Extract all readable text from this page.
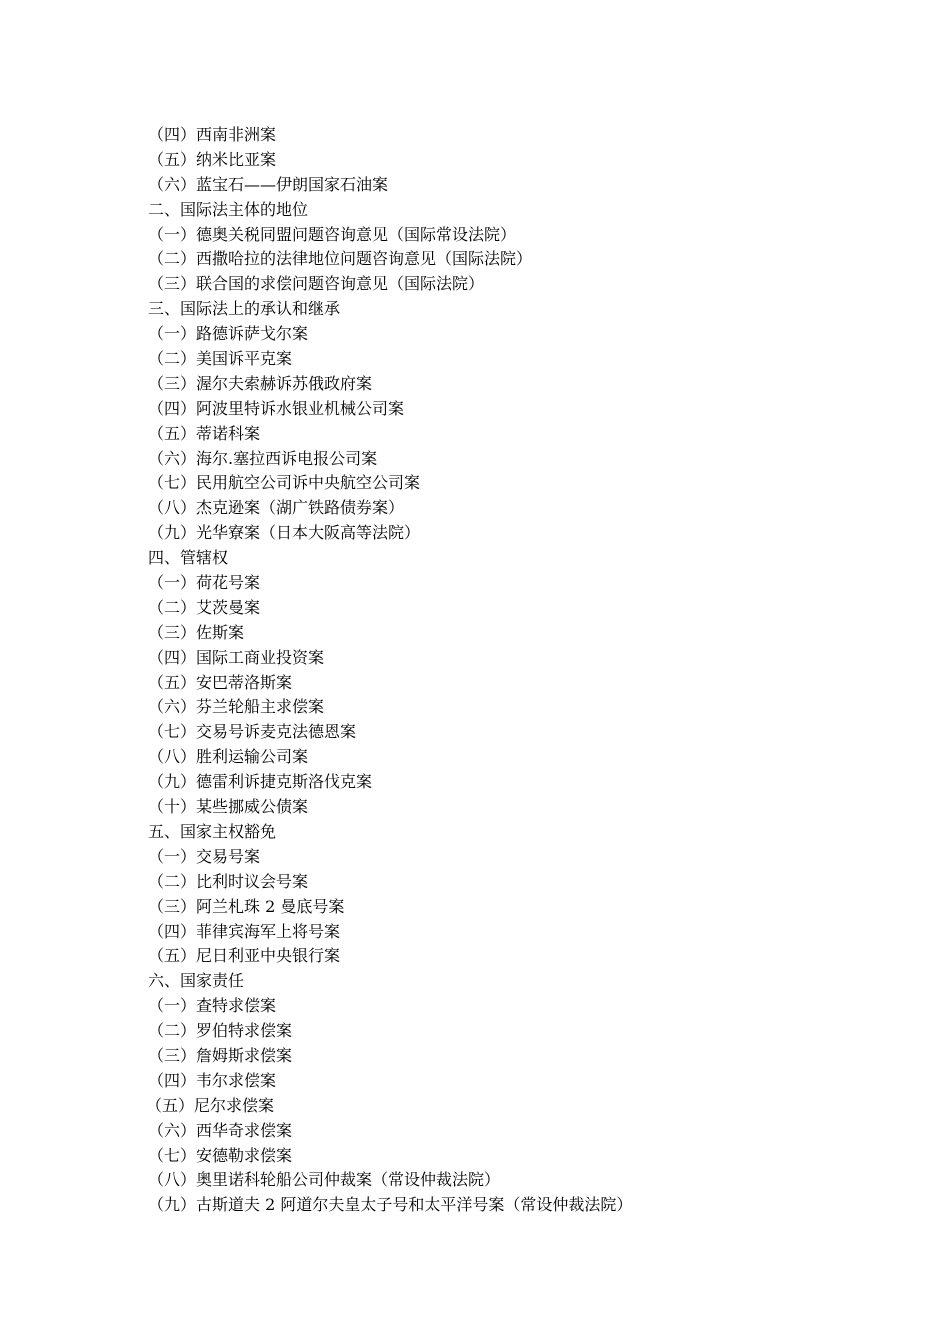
（四）西南非洲案
（五）纳米比亚案
（六）蓝宝石——伊朗国家石油案
二、国际法主体的地位
（一）德奥关税同盟问题咨询意见（国际常设法院）
（二）西撒哈拉的法律地位问题咨询意见（国际法院）
（三）联合国的求偿问题咨询意见（国际法院）
三、国际法上的承认和继承
（一）路德诉萨戈尔案
（二）美国诉平克案
（三）渥尔夫索赫诉苏俄政府案
（四）阿波里特诉水银业机械公司案
（五）蒂诺科案
（六）海尔.塞拉西诉电报公司案
（七）民用航空公司诉中央航空公司案
（八）杰克逊案（湖广铁路债券案）
（九）光华寮案（日本大阪高等法院）
四、管辖权
（一）荷花号案
（二）艾茨曼案
（三）佐斯案
（四）国际工商业投资案
（五）安巴蒂洛斯案
（六）芬兰轮船主求偿案
（七）交易号诉麦克法德恩案
（八）胜利运输公司案
（九）德雷利诉捷克斯洛伐克案
（十）某些挪威公债案
五、国家主权豁免
（一）交易号案
（二）比利时议会号案
（三）阿兰札珠 2 曼底号案
（四）菲律宾海军上将号案
（五）尼日利亚中央银行案
六、国家责任
（一）查特求偿案
（二）罗伯特求偿案
（三）詹姆斯求偿案
（四）韦尔求偿案
（五）尼尔求偿案
（六）西华奇求偿案
（七）安德勒求偿案
（八）奥里诺科轮船公司仲裁案（常设仲裁法院）
（九）古斯道夫 2 阿道尔夫皇太子号和太平洋号案（常设仲裁法院）
